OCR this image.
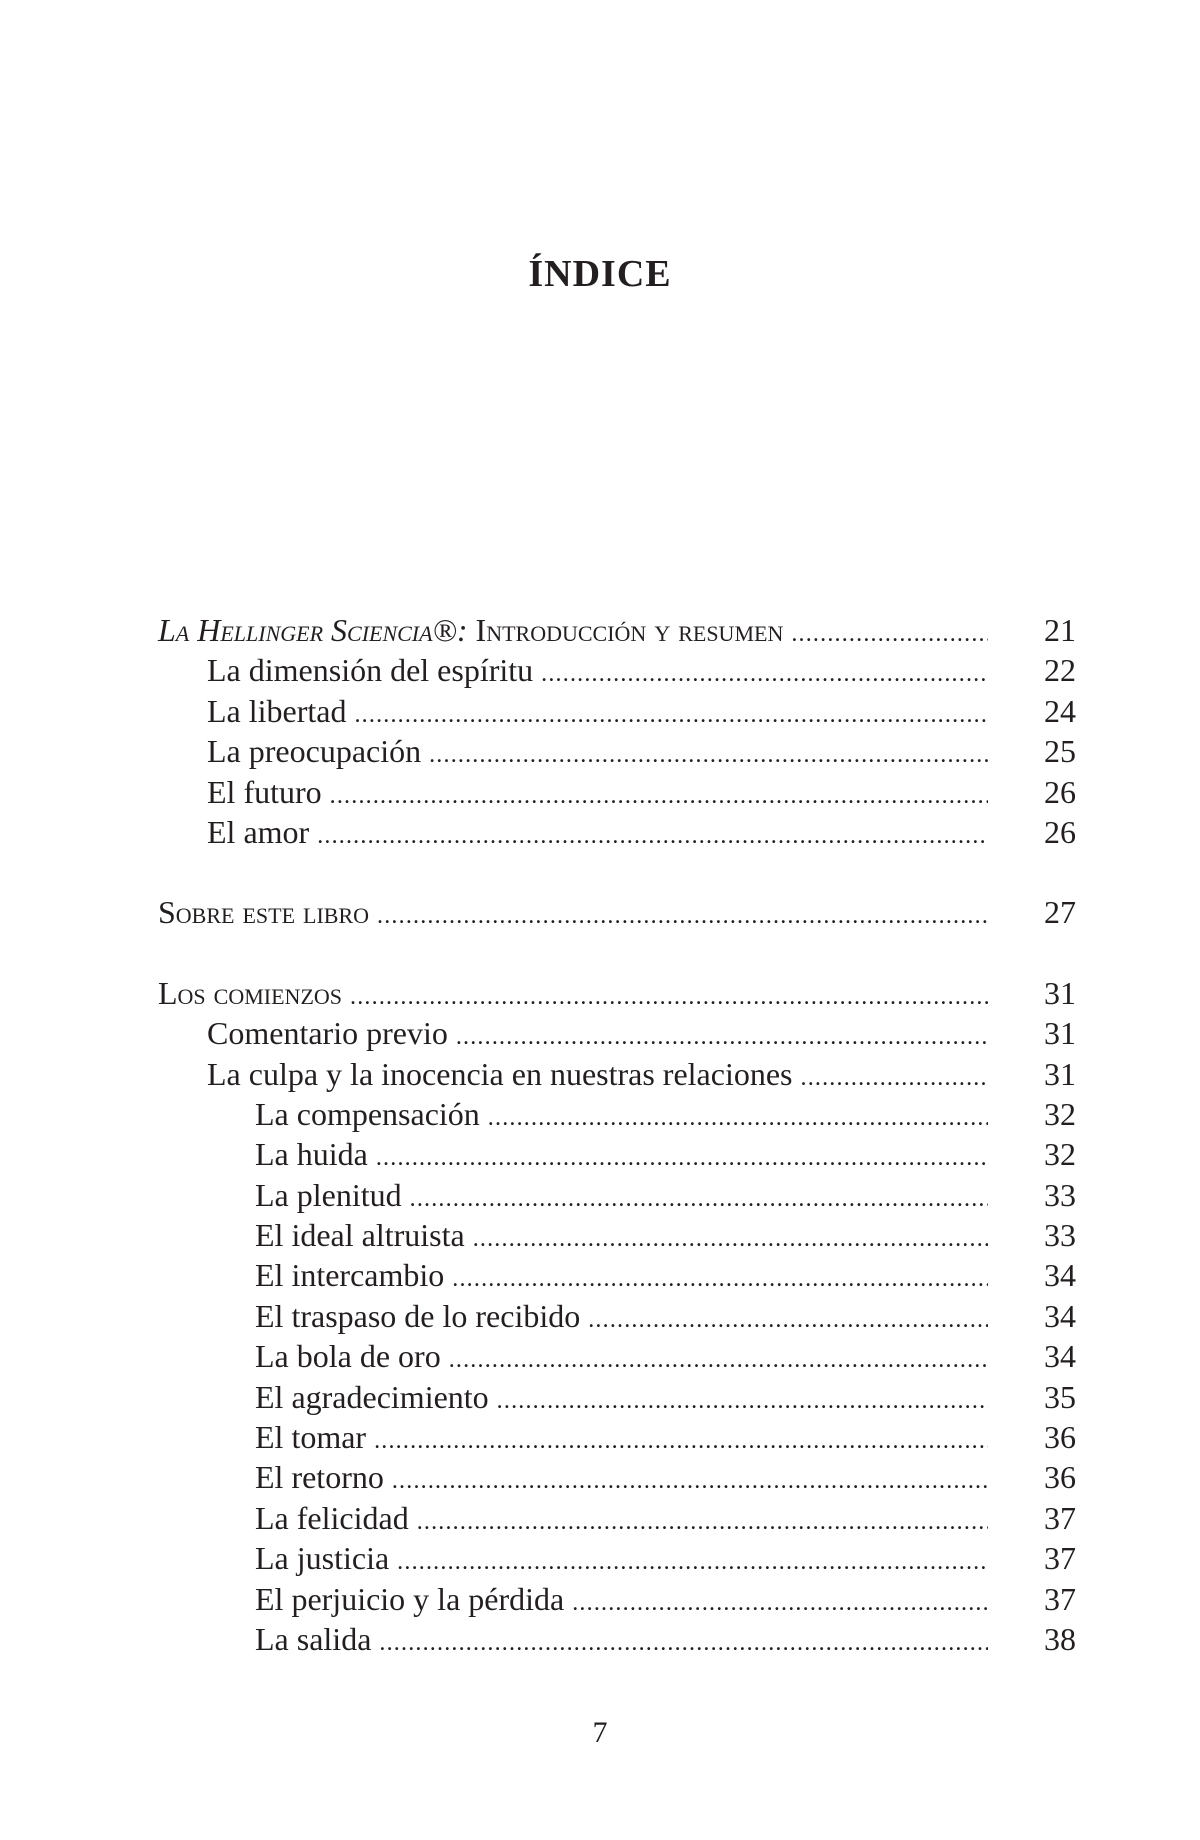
ÍNDICE
La Hellinger Sciencia®: Introducción y resumen .....	21
La dimensión del espíritu .....	22
La libertad .....	24
La preocupación .....	25
El futuro .....	26
El amor .....	26
Sobre este libro .....	27
Los comienzos .....	31
Comentario previo .....	31
La culpa y la inocencia en nuestras relaciones .....	31
La compensación .....	32
La huida .....	32
La plenitud .....	33
El ideal altruista .....	33
El intercambio .....	34
El traspaso de lo recibido .....	34
La bola de oro .....	34
El agradecimiento .....	35
El tomar .....	36
El retorno .....	36
La felicidad .....	37
La justicia .....	37
El perjuicio y la pérdida .....	37
La salida .....	38
7
